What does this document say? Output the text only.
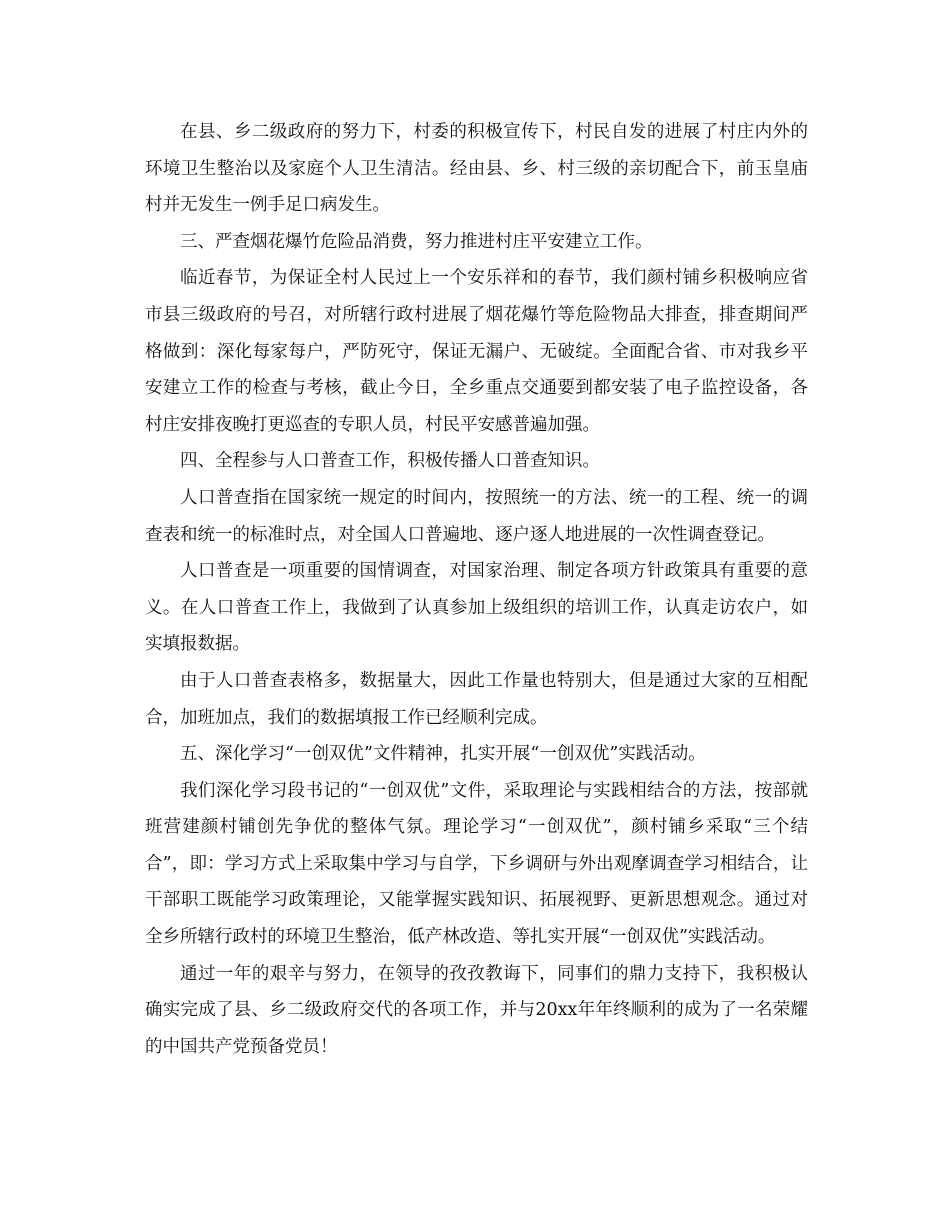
在县、乡二级政府的努力下，村委的积极宣传下，村民自发的进展了村庄内外的环境卫生整治以及家庭个人卫生清洁。经由县、乡、村三级的亲切配合下，前玉皇庙村并无发生一例手足口病发生。

三、严查烟花爆竹危险品消费，努力推进村庄平安建立工作。

临近春节，为保证全村人民过上一个安乐祥和的春节，我们颜村铺乡积极响应省市县三级政府的号召，对所辖行政村进展了烟花爆竹等危险物品大排查，排查期间严格做到：深化每家每户，严防死守，保证无漏户、无破绽。全面配合省、市对我乡平安建立工作的检查与考核，截止今日，全乡重点交通要到都安装了电子监控设备，各村庄安排夜晚打更巡查的专职人员，村民平安感普遍加强。

四、全程参与人口普查工作，积极传播人口普查知识。

人口普查指在国家统一规定的时间内，按照统一的方法、统一的工程、统一的调查表和统一的标准时点，对全国人口普遍地、逐户逐人地进展的一次性调查登记。

人口普查是一项重要的国情调查，对国家治理、制定各项方针政策具有重要的意义。在人口普查工作上，我做到了认真参加上级组织的培训工作，认真走访农户，如实填报数据。

由于人口普查表格多，数据量大，因此工作量也特别大，但是通过大家的互相配合，加班加点，我们的数据填报工作已经顺利完成。

五、深化学习“一创双优”文件精神，扎实开展“一创双优”实践活动。

我们深化学习段书记的“一创双优”文件，采取理论与实践相结合的方法，按部就班营建颜村铺创先争优的整体气氛。理论学习“一创双优”，颜村铺乡采取“三个结合”，即：学习方式上采取集中学习与自学，下乡调研与外出观摩调查学习相结合，让干部职工既能学习政策理论，又能掌握实践知识、拓展视野、更新思想观念。通过对全乡所辖行政村的环境卫生整治，低产林改造、等扎实开展“一创双优”实践活动。

通过一年的艰辛与努力，在领导的孜孜教诲下，同事们的鼎力支持下，我积极认确实完成了县、乡二级政府交代的各项工作，并与20xx年年终顺利的成为了一名荣耀的中国共产党预备党员！
